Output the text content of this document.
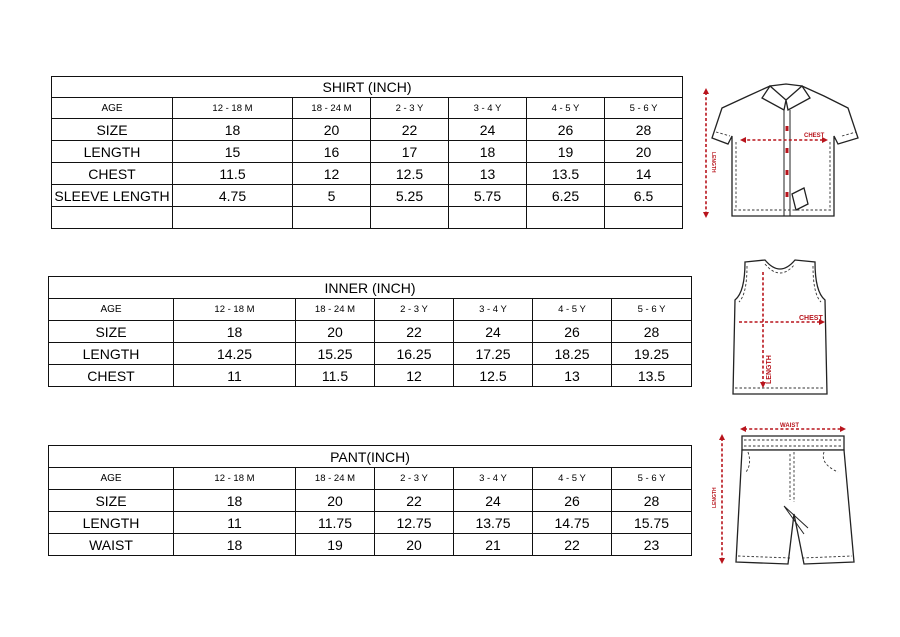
SHIRT (INCH)						
AGE	12 - 18 M	18 - 24 M	2 - 3 Y	3 - 4 Y	4 - 5 Y	5 - 6 Y
SIZE	18	20	22	24	26	28
LENGTH	15	16	17	18	19	20
CHEST	11.5	12	12.5	13	13.5	14
SLEEVE LENGTH	4.75	5	5.25	5.75	6.25	6.5

INNER (INCH)						
AGE	12 - 18 M	18 - 24 M	2 - 3 Y	3 - 4 Y	4 - 5 Y	5 - 6 Y
SIZE	18	20	22	24	26	28
LENGTH	14.25	15.25	16.25	17.25	18.25	19.25
CHEST	11	11.5	12	12.5	13	13.5
PANT(INCH)						
AGE	12 - 18 M	18 - 24 M	2 - 3 Y	3 - 4 Y	4 - 5 Y	5 - 6 Y
SIZE	18	20	22	24	26	28
LENGTH	11	11.75	12.75	13.75	14.75	15.75
WAIST	18	19	20	21	22	23
CHEST
LENGTH
CHEST
LENGTH
WAIST
LENGTH
